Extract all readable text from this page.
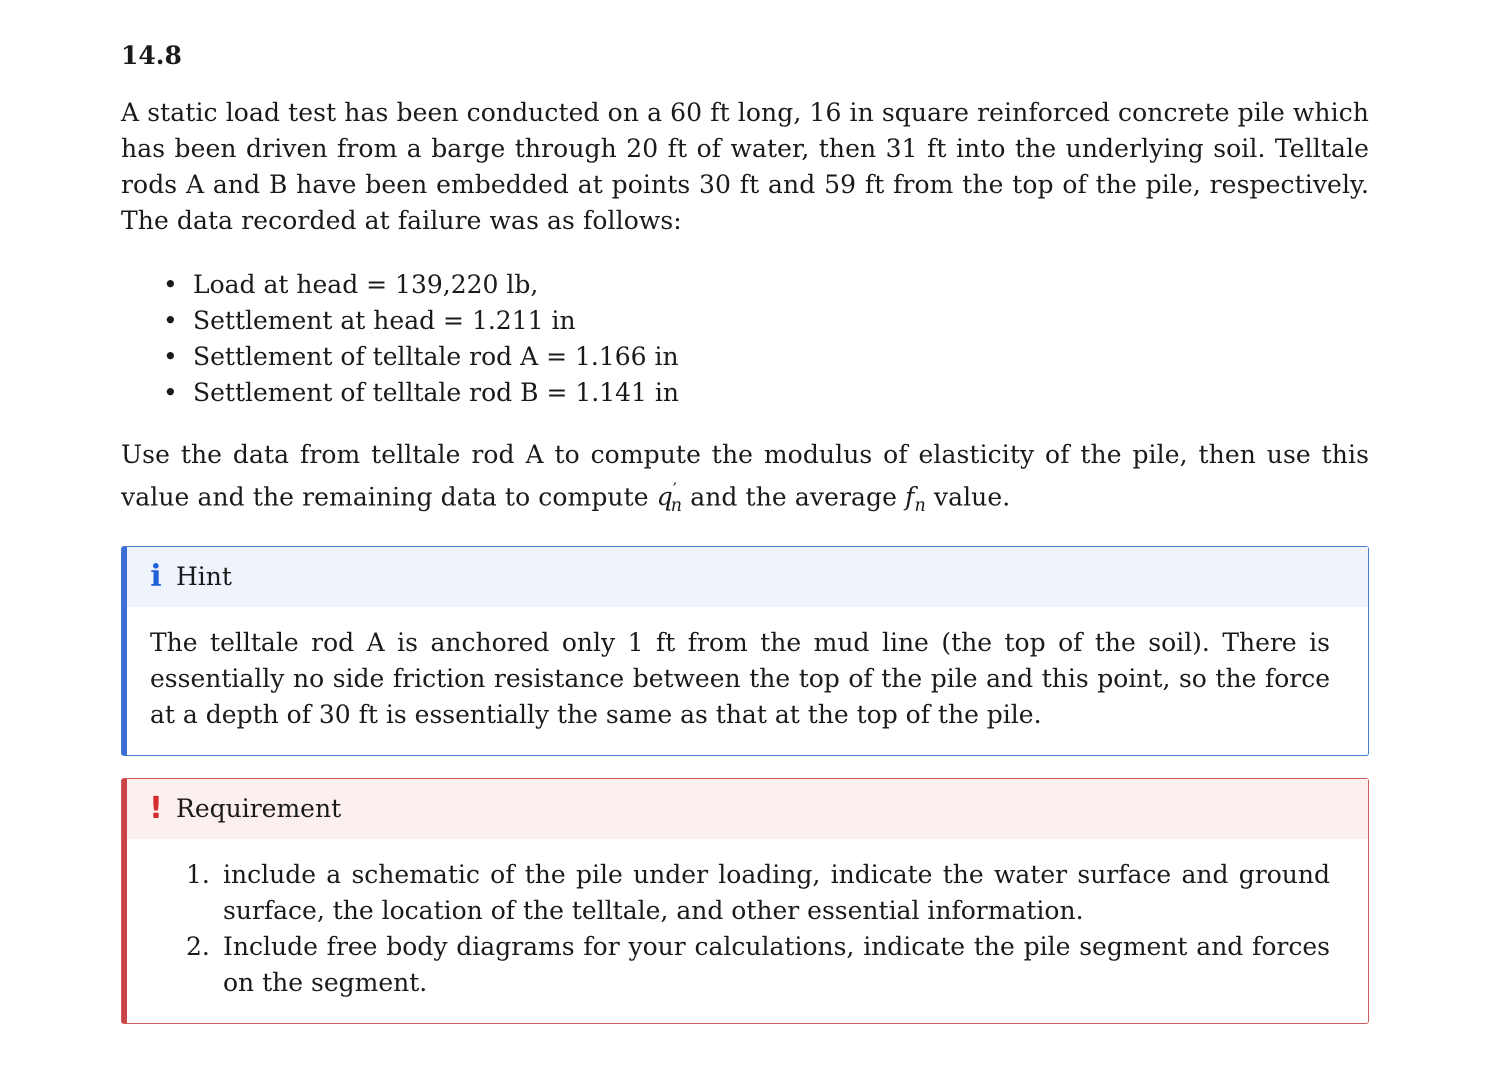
14.8

A static load test has been conducted on a 60 ft long, 16 in square reinforced concrete pile which has been driven from a barge through 20 ft of water, then 31 ft into the underlying soil. Telltale rods A and B have been embedded at points 30 ft and 59 ft from the top of the pile, respectively. The data recorded at failure was as follows:

• Load at head = 139,220 lb,
• Settlement at head = 1.211 in
• Settlement of telltale rod A = 1.166 in
• Settlement of telltale rod B = 1.141 in

Use the data from telltale rod A to compute the modulus of elasticity of the pile, then use this value and the remaining data to compute $q'_n$ and the average $f_n$ value.

i Hint
The telltale rod A is anchored only 1 ft from the mud line (the top of the soil). There is essentially no side friction resistance between the top of the pile and this point, so the force at a depth of 30 ft is essentially the same as that at the top of the pile.
! Requirement
1. include a schematic of the pile under loading, indicate the water surface and ground surface, the location of the telltale, and other essential information.
2. Include free body diagrams for your calculations, indicate the pile segment and forces on the segment.
